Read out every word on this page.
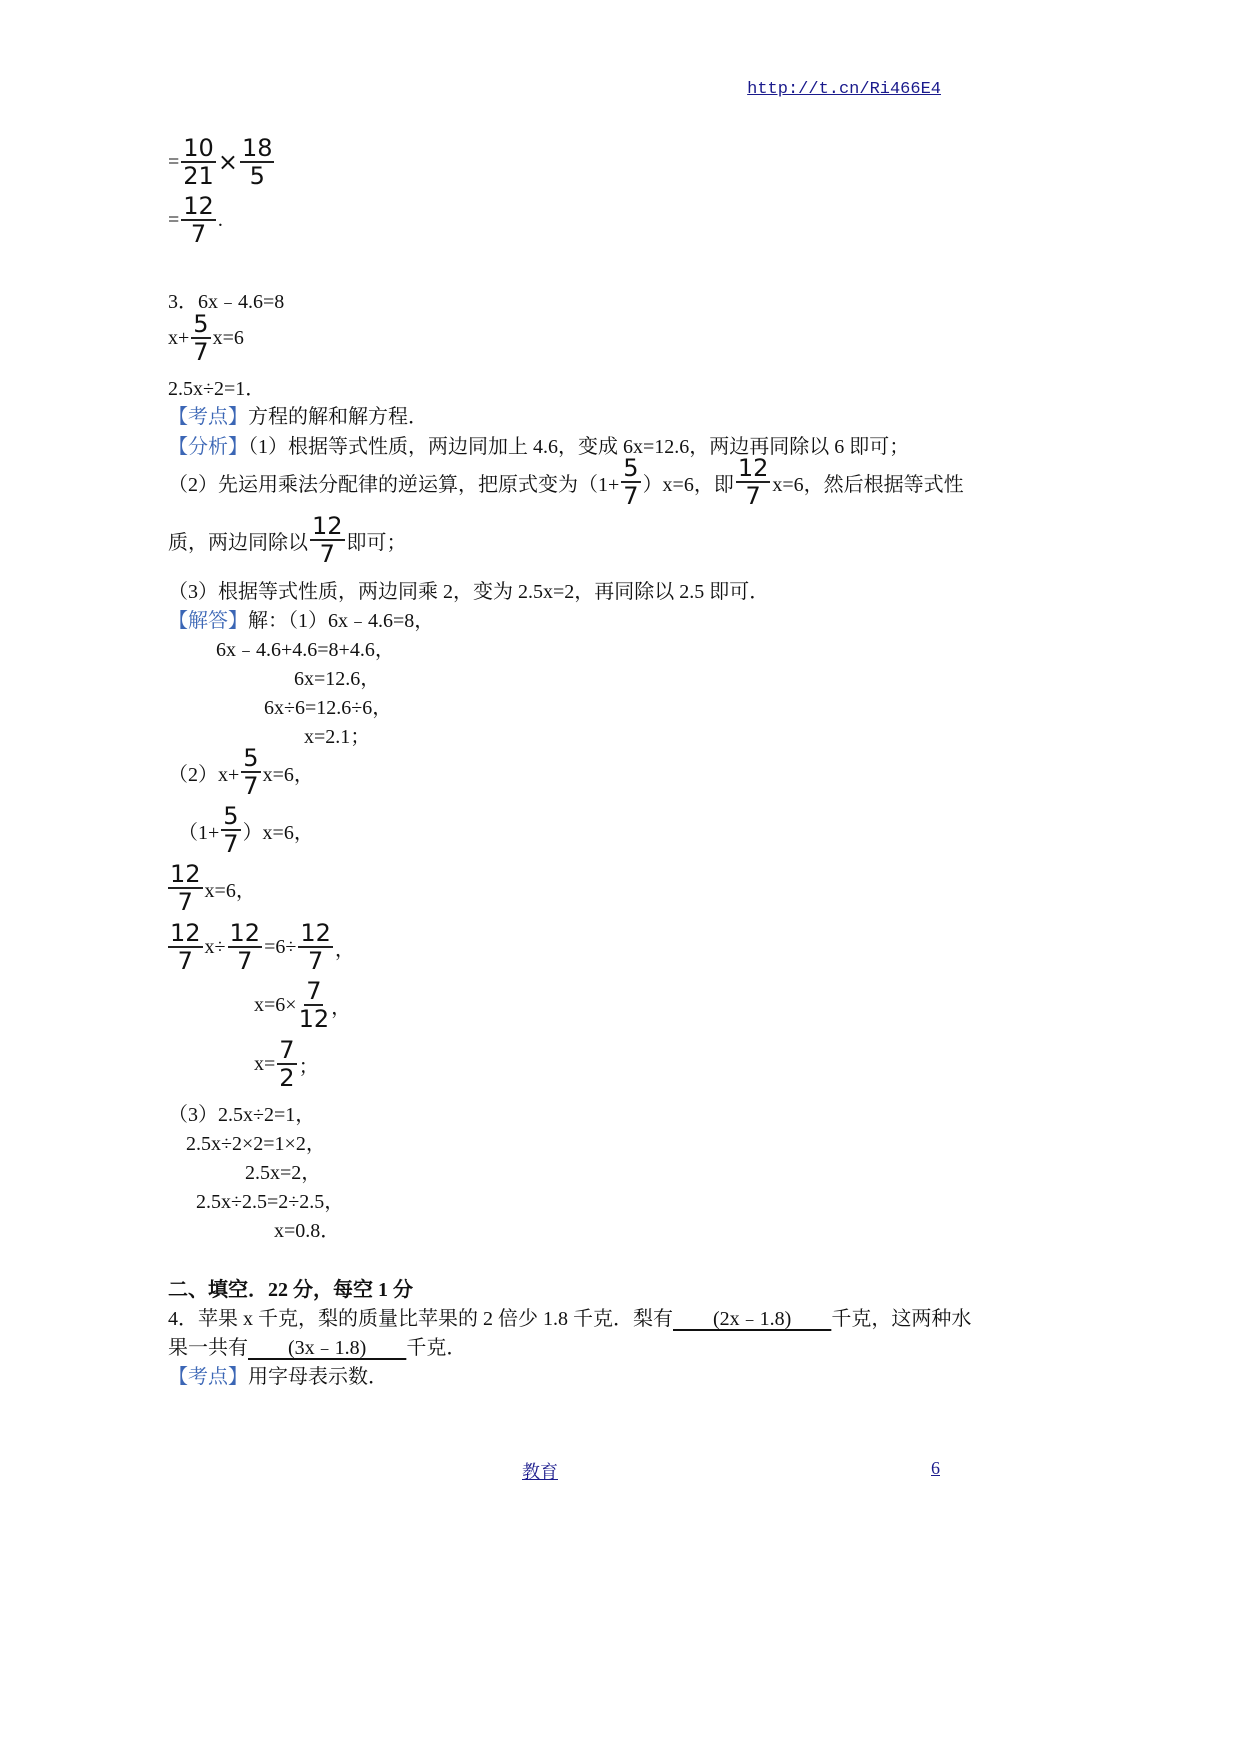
http://t.cn/Ri466E4
= $\frac{10}{21} \times \frac{18}{5}$
= $\frac{12}{7}$ .
3．6x﹣4.6=8
$x+ \frac{5}{7} x=6$
2.5x÷2=1．
【考点】方程的解和解方程．
【分析】（1）根据等式性质，两边同加上 4.6，变成 6x=12.6，两边再同除以 6 即可；
（2）先运用乘法分配律的逆运算，把原式变为$(1+ \frac{5}{7} )x=6$，即 $\frac{12}{7} x=6$，然后根据等式性
质，两边同除以 $\frac{12}{7}$ 即可；
（3）根据等式性质，两边同乘 2，变为 2.5x=2，再同除以 2.5 即可．
【解答】解：（1）6x﹣4.6=8，
6x﹣4.6+4.6=8+4.6，
6x=12.6，
6x÷6=12.6÷6，
x=2.1；
$(2)x+ \frac{5}{7} x=6$，
$(1+ \frac{5}{7} )x=6$，
$\frac{12}{7} x=6$，
$\frac{12}{7} x\div \frac{12}{7} =6\div \frac{12}{7}$ ，
$x=6\times \frac{7}{12}$ ，
$x= \frac{7}{2}$ ；
（3）2.5x÷2=1，
2.5x÷2×2=1×2，
2.5x=2，
2.5x÷2.5=2÷2.5，
x=0.8．
二、填空．22 分，每空 1 分
4．苹果 x 千克，梨的质量比苹果的 2 倍少 1.8 千克．梨有　　(2x﹣1.8)　　千克，这两种水
果一共有　　(3x﹣1.8)　　千克．
【考点】用字母表示数．
教育	6
